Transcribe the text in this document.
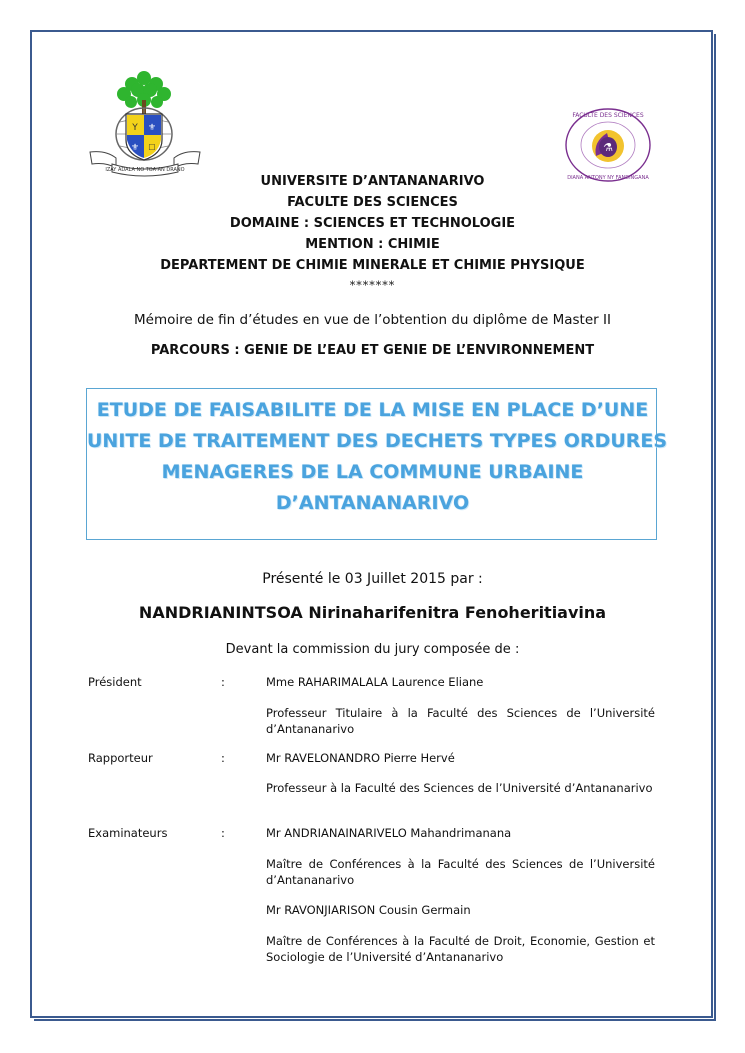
Y ⚜
⚜ ☐
IZAY ADALA NO TOA-AN DRANO
⚗
FACULTE DES SCIENCES
DIANA ANTONY NY FANDINGANA
UNIVERSITE D’ANTANANARIVO
FACULTE DES SCIENCES
DOMAINE : SCIENCES ET TECHNOLOGIE
MENTION : CHIMIE
DEPARTEMENT DE CHIMIE MINERALE ET CHIMIE PHYSIQUE
*******
Mémoire de fin d’études en vue de l’obtention du diplôme de Master II
PARCOURS : GENIE DE L’EAU ET GENIE DE L’ENVIRONNEMENT
ETUDE DE FAISABILITE DE LA MISE EN PLACE D’UNE
UNITE DE TRAITEMENT DES DECHETS TYPES ORDURES
MENAGERES DE LA COMMUNE URBAINE
D’ANTANANARIVO
Présenté le 03 Juillet 2015 par :
NANDRIANINTSOA Nirinaharifenitra Fenoheritiavina
Devant la commission du jury composée de :
Président	:	Mme RAHARIMALALA Laurence Eliane
Professeur Titulaire à la Faculté des Sciences de l’Université d’Antananarivo
Rapporteur	:	Mr RAVELONANDRO Pierre Hervé
Professeur à la Faculté des Sciences de l’Université d’Antananarivo
Examinateurs	:	Mr ANDRIANAINARIVELO Mahandrimanana
Maître de Conférences à la Faculté des Sciences de l’Université d’Antananarivo
Mr RAVONJIARISON Cousin Germain
Maître de Conférences à la Faculté de Droit, Economie, Gestion et Sociologie de l’Université d’Antananarivo
